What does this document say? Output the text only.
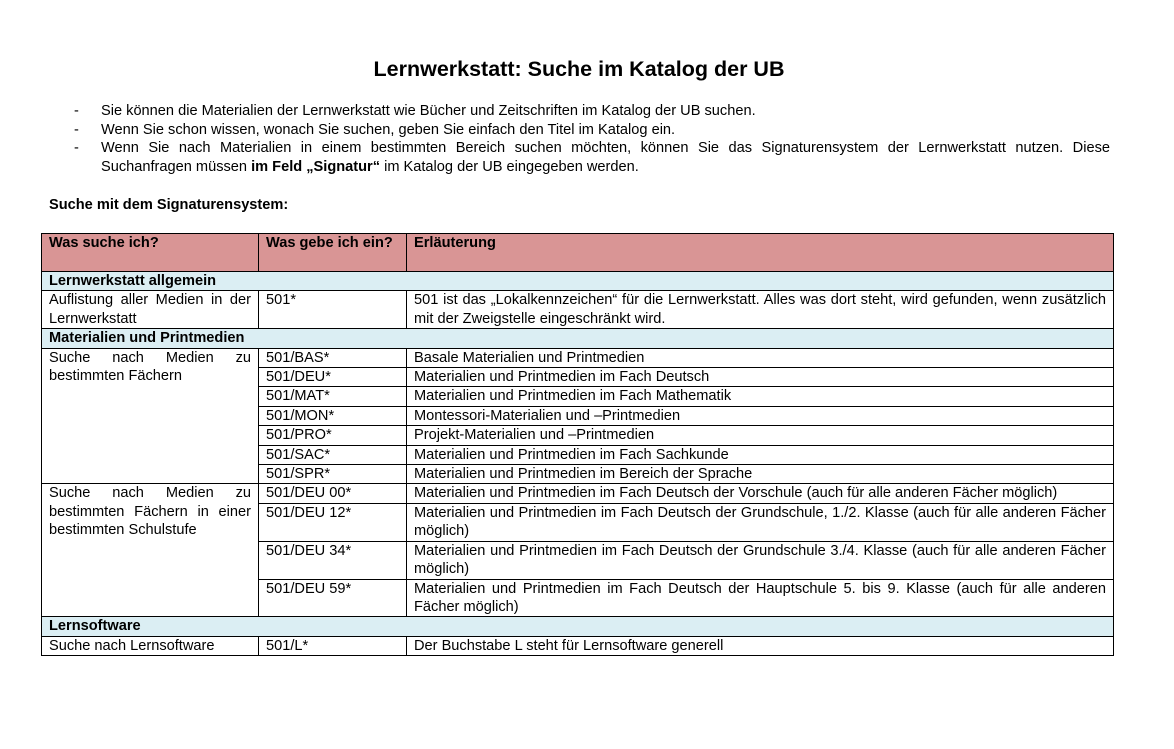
Lernwerkstatt: Suche im Katalog der UB
- Sie können die Materialien der Lernwerkstatt wie Bücher und Zeitschriften im Katalog der UB suchen.
- Wenn Sie schon wissen, wonach Sie suchen, geben Sie einfach den Titel im Katalog ein.
- Wenn Sie nach Materialien in einem bestimmten Bereich suchen möchten, können Sie das Signaturensystem der Lernwerkstatt nutzen. Diese Suchanfragen müssen im Feld „Signatur“ im Katalog der UB eingegeben werden.
Suche mit dem Signaturensystem:
Was suche ich?	Was gebe ich ein?	Erläuterung
Lernwerkstatt allgemein		
Auflistung aller Medien in der Lernwerkstatt	501*	501 ist das „Lokalkennzeichen“ für die Lernwerkstatt. Alles was dort steht, wird gefunden, wenn zusätzlich mit der Zweigstelle eingeschränkt wird.
Materialien und Printmedien		
Suche nach Medien zu bestimmten Fächern	501/BAS*	Basale Materialien und Printmedien
	501/DEU*	Materialien und Printmedien im Fach Deutsch
	501/MAT*	Materialien und Printmedien im Fach Mathematik
	501/MON*	Montessori-Materialien und –Printmedien
	501/PRO*	Projekt-Materialien und –Printmedien
	501/SAC*	Materialien und Printmedien im Fach Sachkunde
	501/SPR*	Materialien und Printmedien im Bereich der Sprache
Suche nach Medien zu bestimmten Fächern in einer bestimmten Schulstufe	501/DEU 00*	Materialien und Printmedien im Fach Deutsch der Vorschule (auch für alle anderen Fächer möglich)
	501/DEU 12*	Materialien und Printmedien im Fach Deutsch der Grundschule, 1./2. Klasse (auch für alle anderen Fächer möglich)
	501/DEU 34*	Materialien und Printmedien im Fach Deutsch der Grundschule 3./4. Klasse (auch für alle anderen Fächer möglich)
	501/DEU 59*	Materialien und Printmedien im Fach Deutsch der Hauptschule 5. bis 9. Klasse (auch für alle anderen Fächer möglich)
Lernsoftware		
Suche nach Lernsoftware	501/L*	Der Buchstabe L steht für Lernsoftware generell
